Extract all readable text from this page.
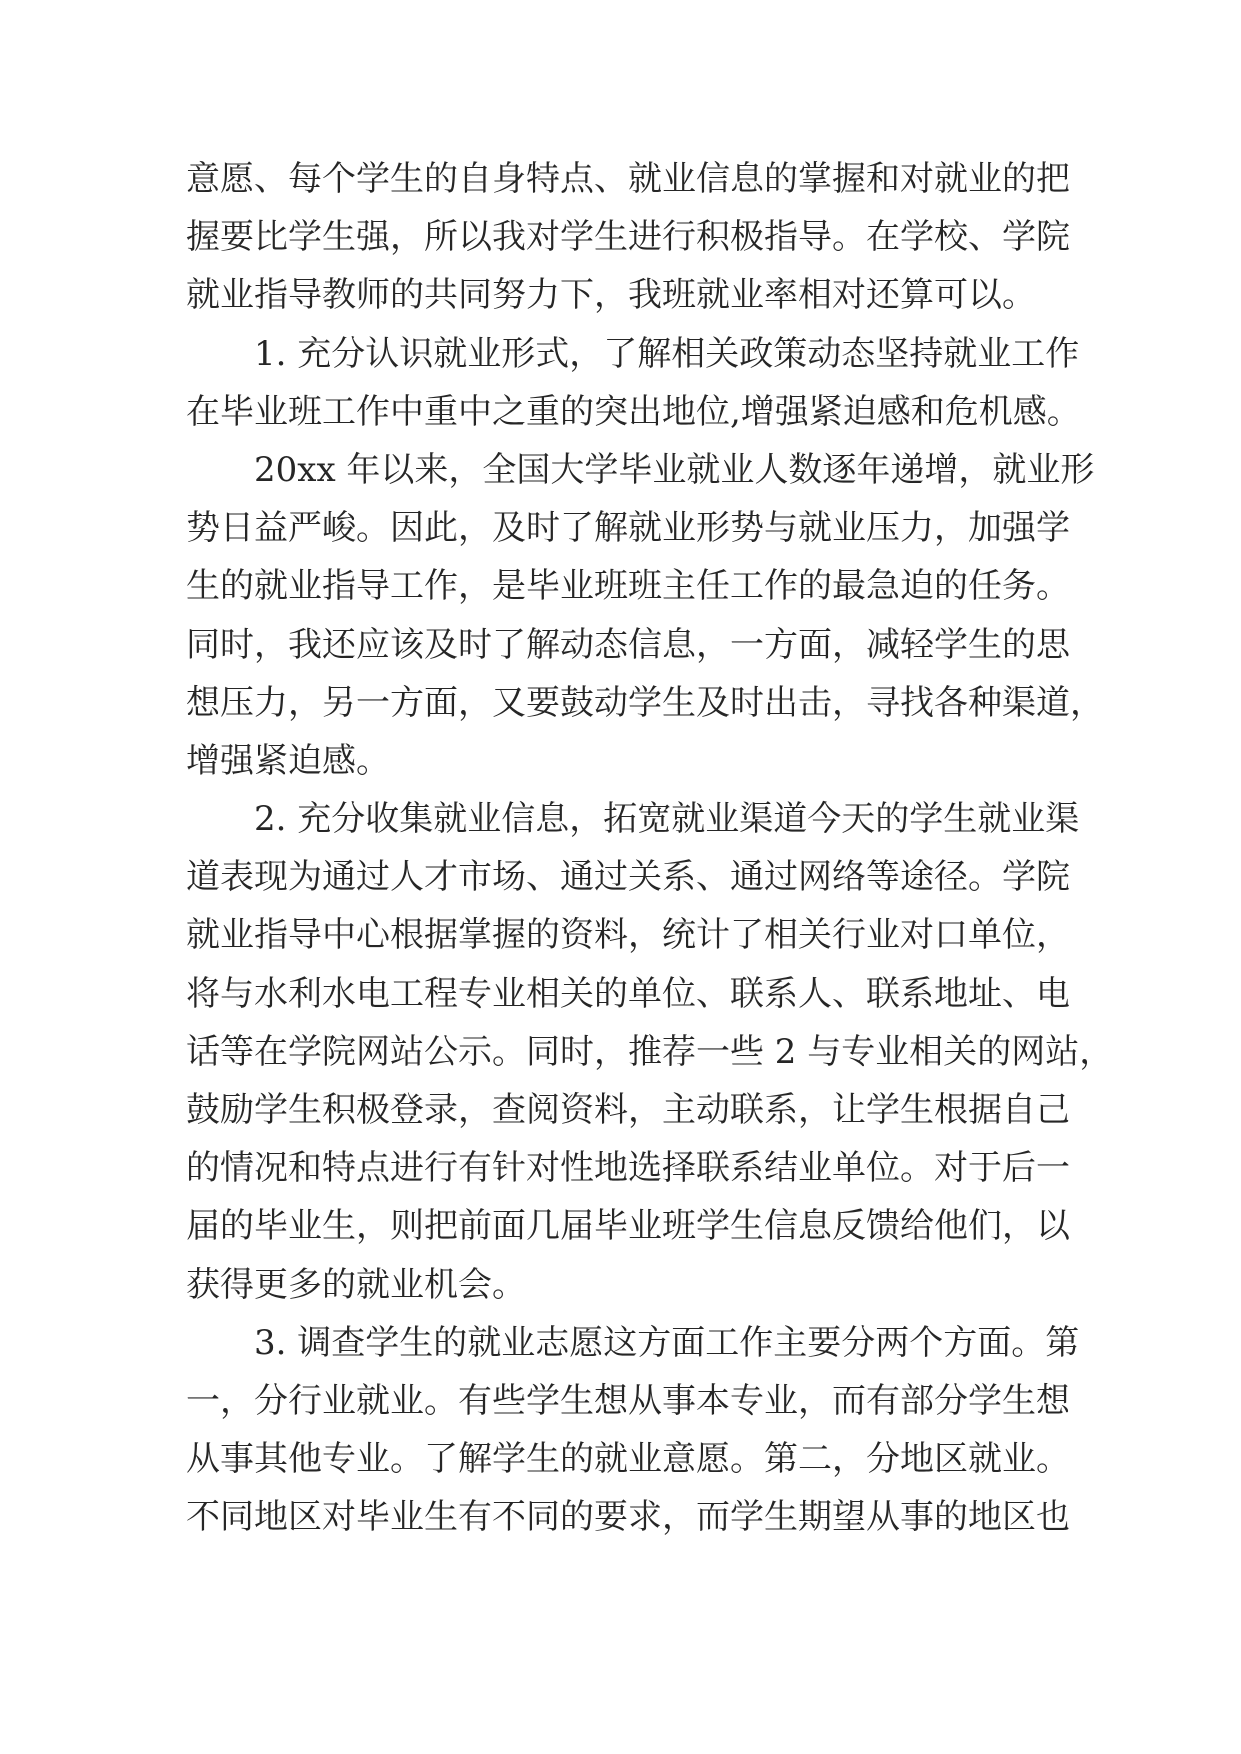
意愿、每个学生的自身特点、就业信息的掌握和对就业的把
握要比学生强，所以我对学生进行积极指导。在学校、学院
就业指导教师的共同努力下，我班就业率相对还算可以。
　　1. 充分认识就业形式，了解相关政策动态坚持就业工作
在毕业班工作中重中之重的突出地位,增强紧迫感和危机感。
　　20xx 年以来，全国大学毕业就业人数逐年递增，就业形
势日益严峻。因此，及时了解就业形势与就业压力，加强学
生的就业指导工作，是毕业班班主任工作的最急迫的任务。
同时，我还应该及时了解动态信息，一方面，减轻学生的思
想压力，另一方面，又要鼓动学生及时出击，寻找各种渠道，
增强紧迫感。
　　2. 充分收集就业信息，拓宽就业渠道今天的学生就业渠
道表现为通过人才市场、通过关系、通过网络等途径。学院
就业指导中心根据掌握的资料，统计了相关行业对口单位，
将与水利水电工程专业相关的单位、联系人、联系地址、电
话等在学院网站公示。同时，推荐一些 2 与专业相关的网站，
鼓励学生积极登录，查阅资料，主动联系，让学生根据自己
的情况和特点进行有针对性地选择联系结业单位。对于后一
届的毕业生，则把前面几届毕业班学生信息反馈给他们，以
获得更多的就业机会。
　　3. 调查学生的就业志愿这方面工作主要分两个方面。第
一，分行业就业。有些学生想从事本专业，而有部分学生想
从事其他专业。了解学生的就业意愿。第二，分地区就业。
不同地区对毕业生有不同的要求，而学生期望从事的地区也
